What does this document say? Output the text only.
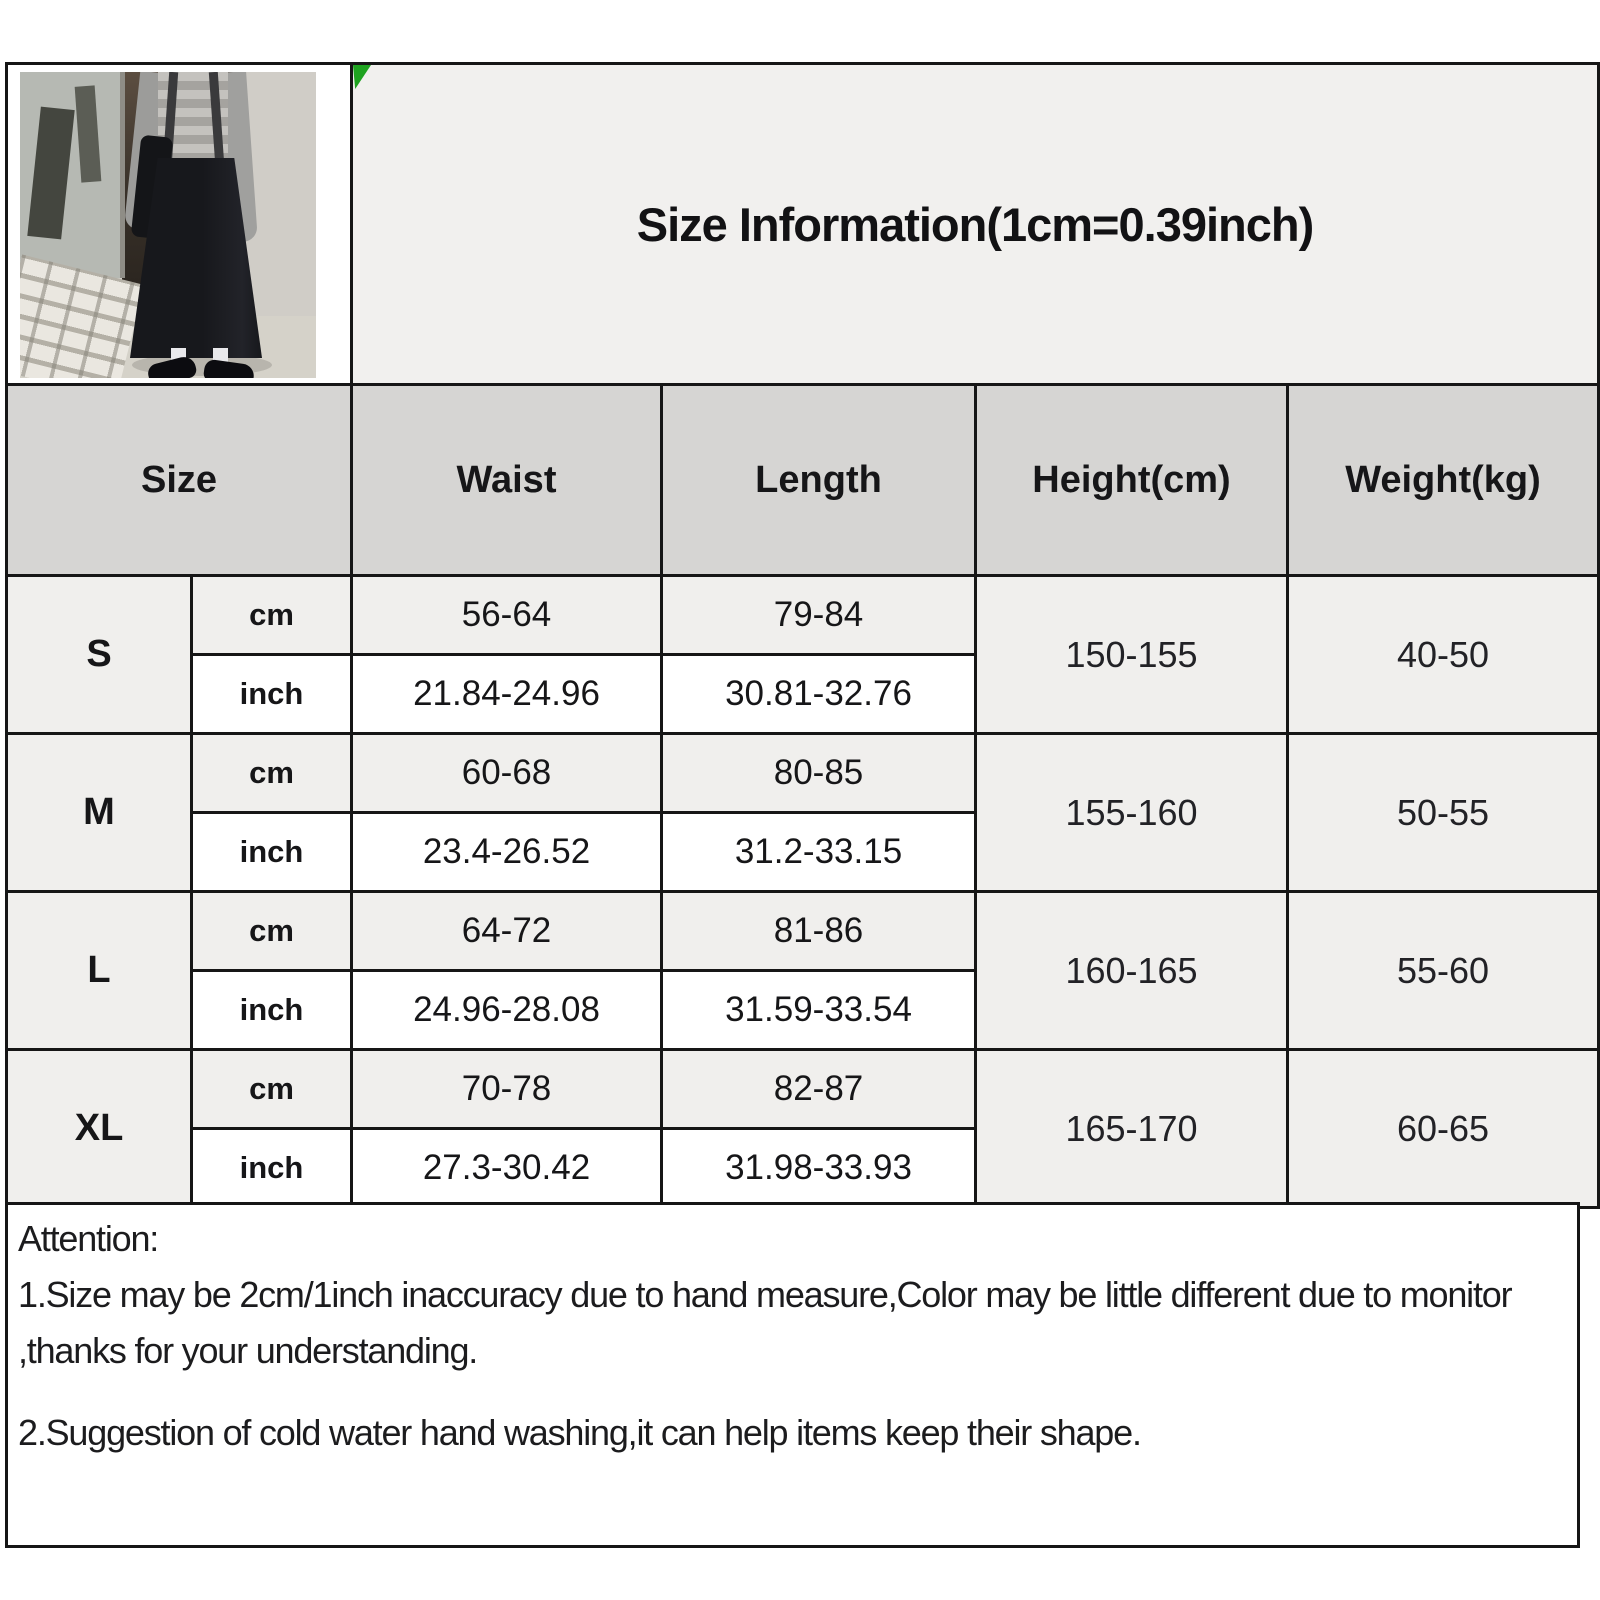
		Size Information(1cm=0.39inch)			

Size		Waist	Length	Height(cm)	Weight(kg)
S	cm	56-64	79-84	150-155	40-50
	inch	21.84-24.96	30.81-32.76		
M	cm	60-68	80-85	155-160	50-55
	inch	23.4-26.52	31.2-33.15		
L	cm	64-72	81-86	160-165	55-60
	inch	24.96-28.08	31.59-33.54		
XL	cm	70-78	82-87	165-170	60-65
	inch	27.3-30.42	31.98-33.93		

Attention:

1.Size may be 2cm/1inch inaccuracy due to hand measure,Color may be little different due to monitor ,thanks for your understanding.

2.Suggestion of cold water hand washing,it can help items keep their shape.
